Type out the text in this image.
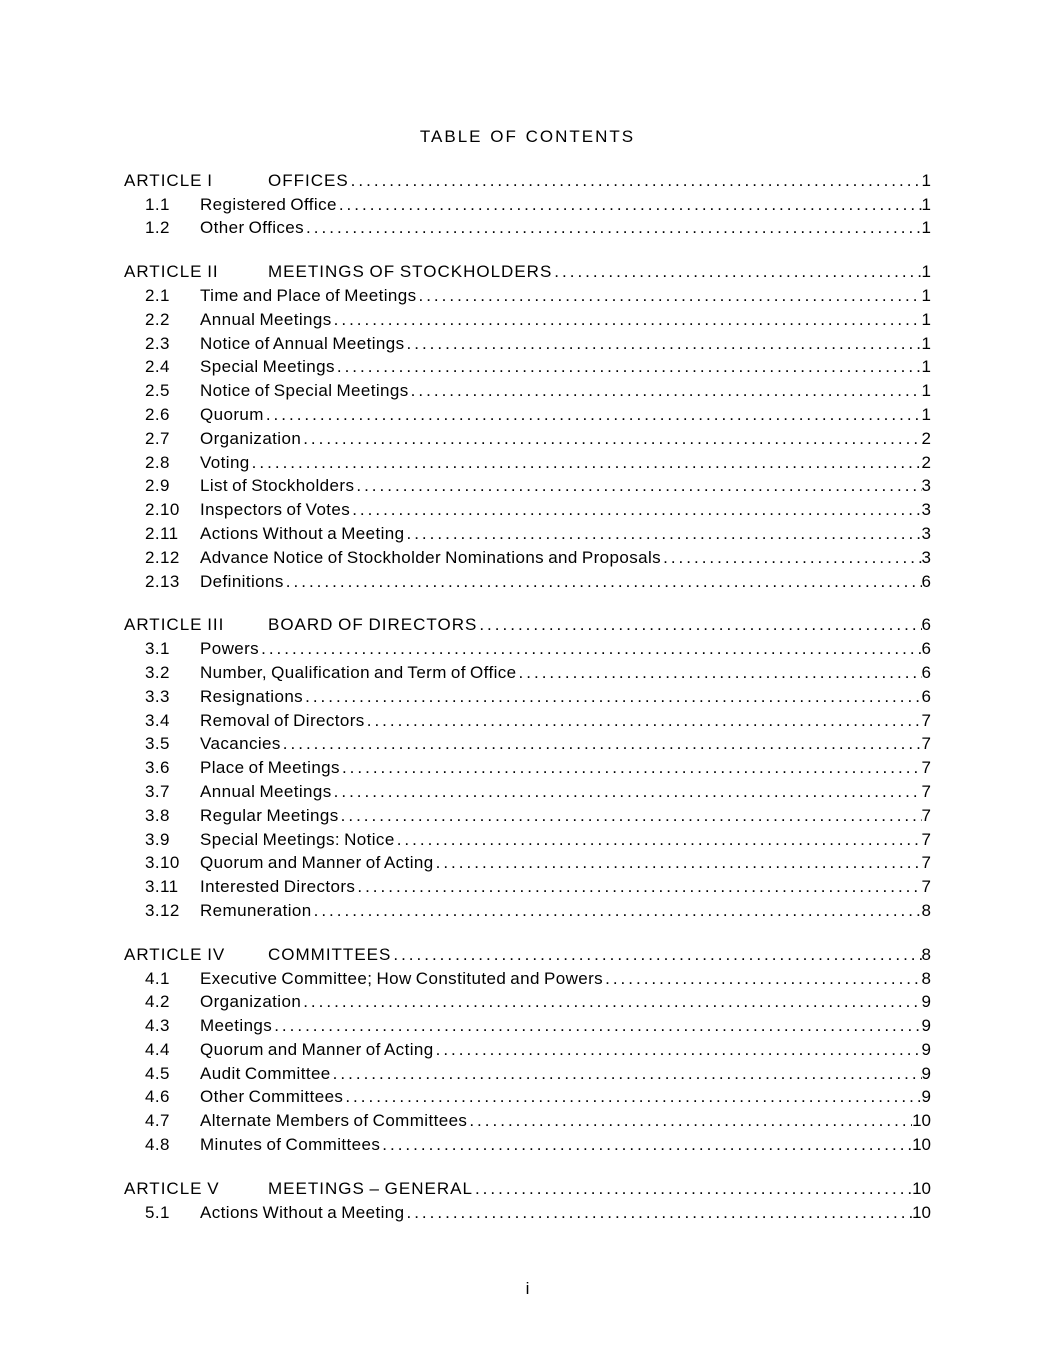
TABLE OF CONTENTS
ARTICLE I	OFFICES .....	1
1.1	Registered Office .....	1
1.2	Other Offices .....	1
ARTICLE II	MEETINGS OF STOCKHOLDERS .....	1
2.1	Time and Place of Meetings .....	1
2.2	Annual Meetings .....	1
2.3	Notice of Annual Meetings .....	1
2.4	Special Meetings .....	1
2.5	Notice of Special Meetings .....	1
2.6	Quorum .....	1
2.7	Organization .....	2
2.8	Voting .....	2
2.9	List of Stockholders .....	3
2.10	Inspectors of Votes .....	3
2.11	Actions Without a Meeting .....	3
2.12	Advance Notice of Stockholder Nominations and Proposals .....	3
2.13	Definitions .....	6
ARTICLE III	BOARD OF DIRECTORS .....	6
3.1	Powers .....	6
3.2	Number, Qualification and Term of Office .....	6
3.3	Resignations .....	6
3.4	Removal of Directors .....	7
3.5	Vacancies .....	7
3.6	Place of Meetings .....	7
3.7	Annual Meetings .....	7
3.8	Regular Meetings .....	7
3.9	Special Meetings: Notice .....	7
3.10	Quorum and Manner of Acting .....	7
3.11	Interested Directors .....	7
3.12	Remuneration .....	8
ARTICLE IV	COMMITTEES .....	8
4.1	Executive Committee; How Constituted and Powers .....	8
4.2	Organization .....	9
4.3	Meetings .....	9
4.4	Quorum and Manner of Acting .....	9
4.5	Audit Committee .....	9
4.6	Other Committees .....	9
4.7	Alternate Members of Committees .....	10
4.8	Minutes of Committees .....	10
ARTICLE V	MEETINGS – GENERAL .....	10
5.1	Actions Without a Meeting .....	10
i
